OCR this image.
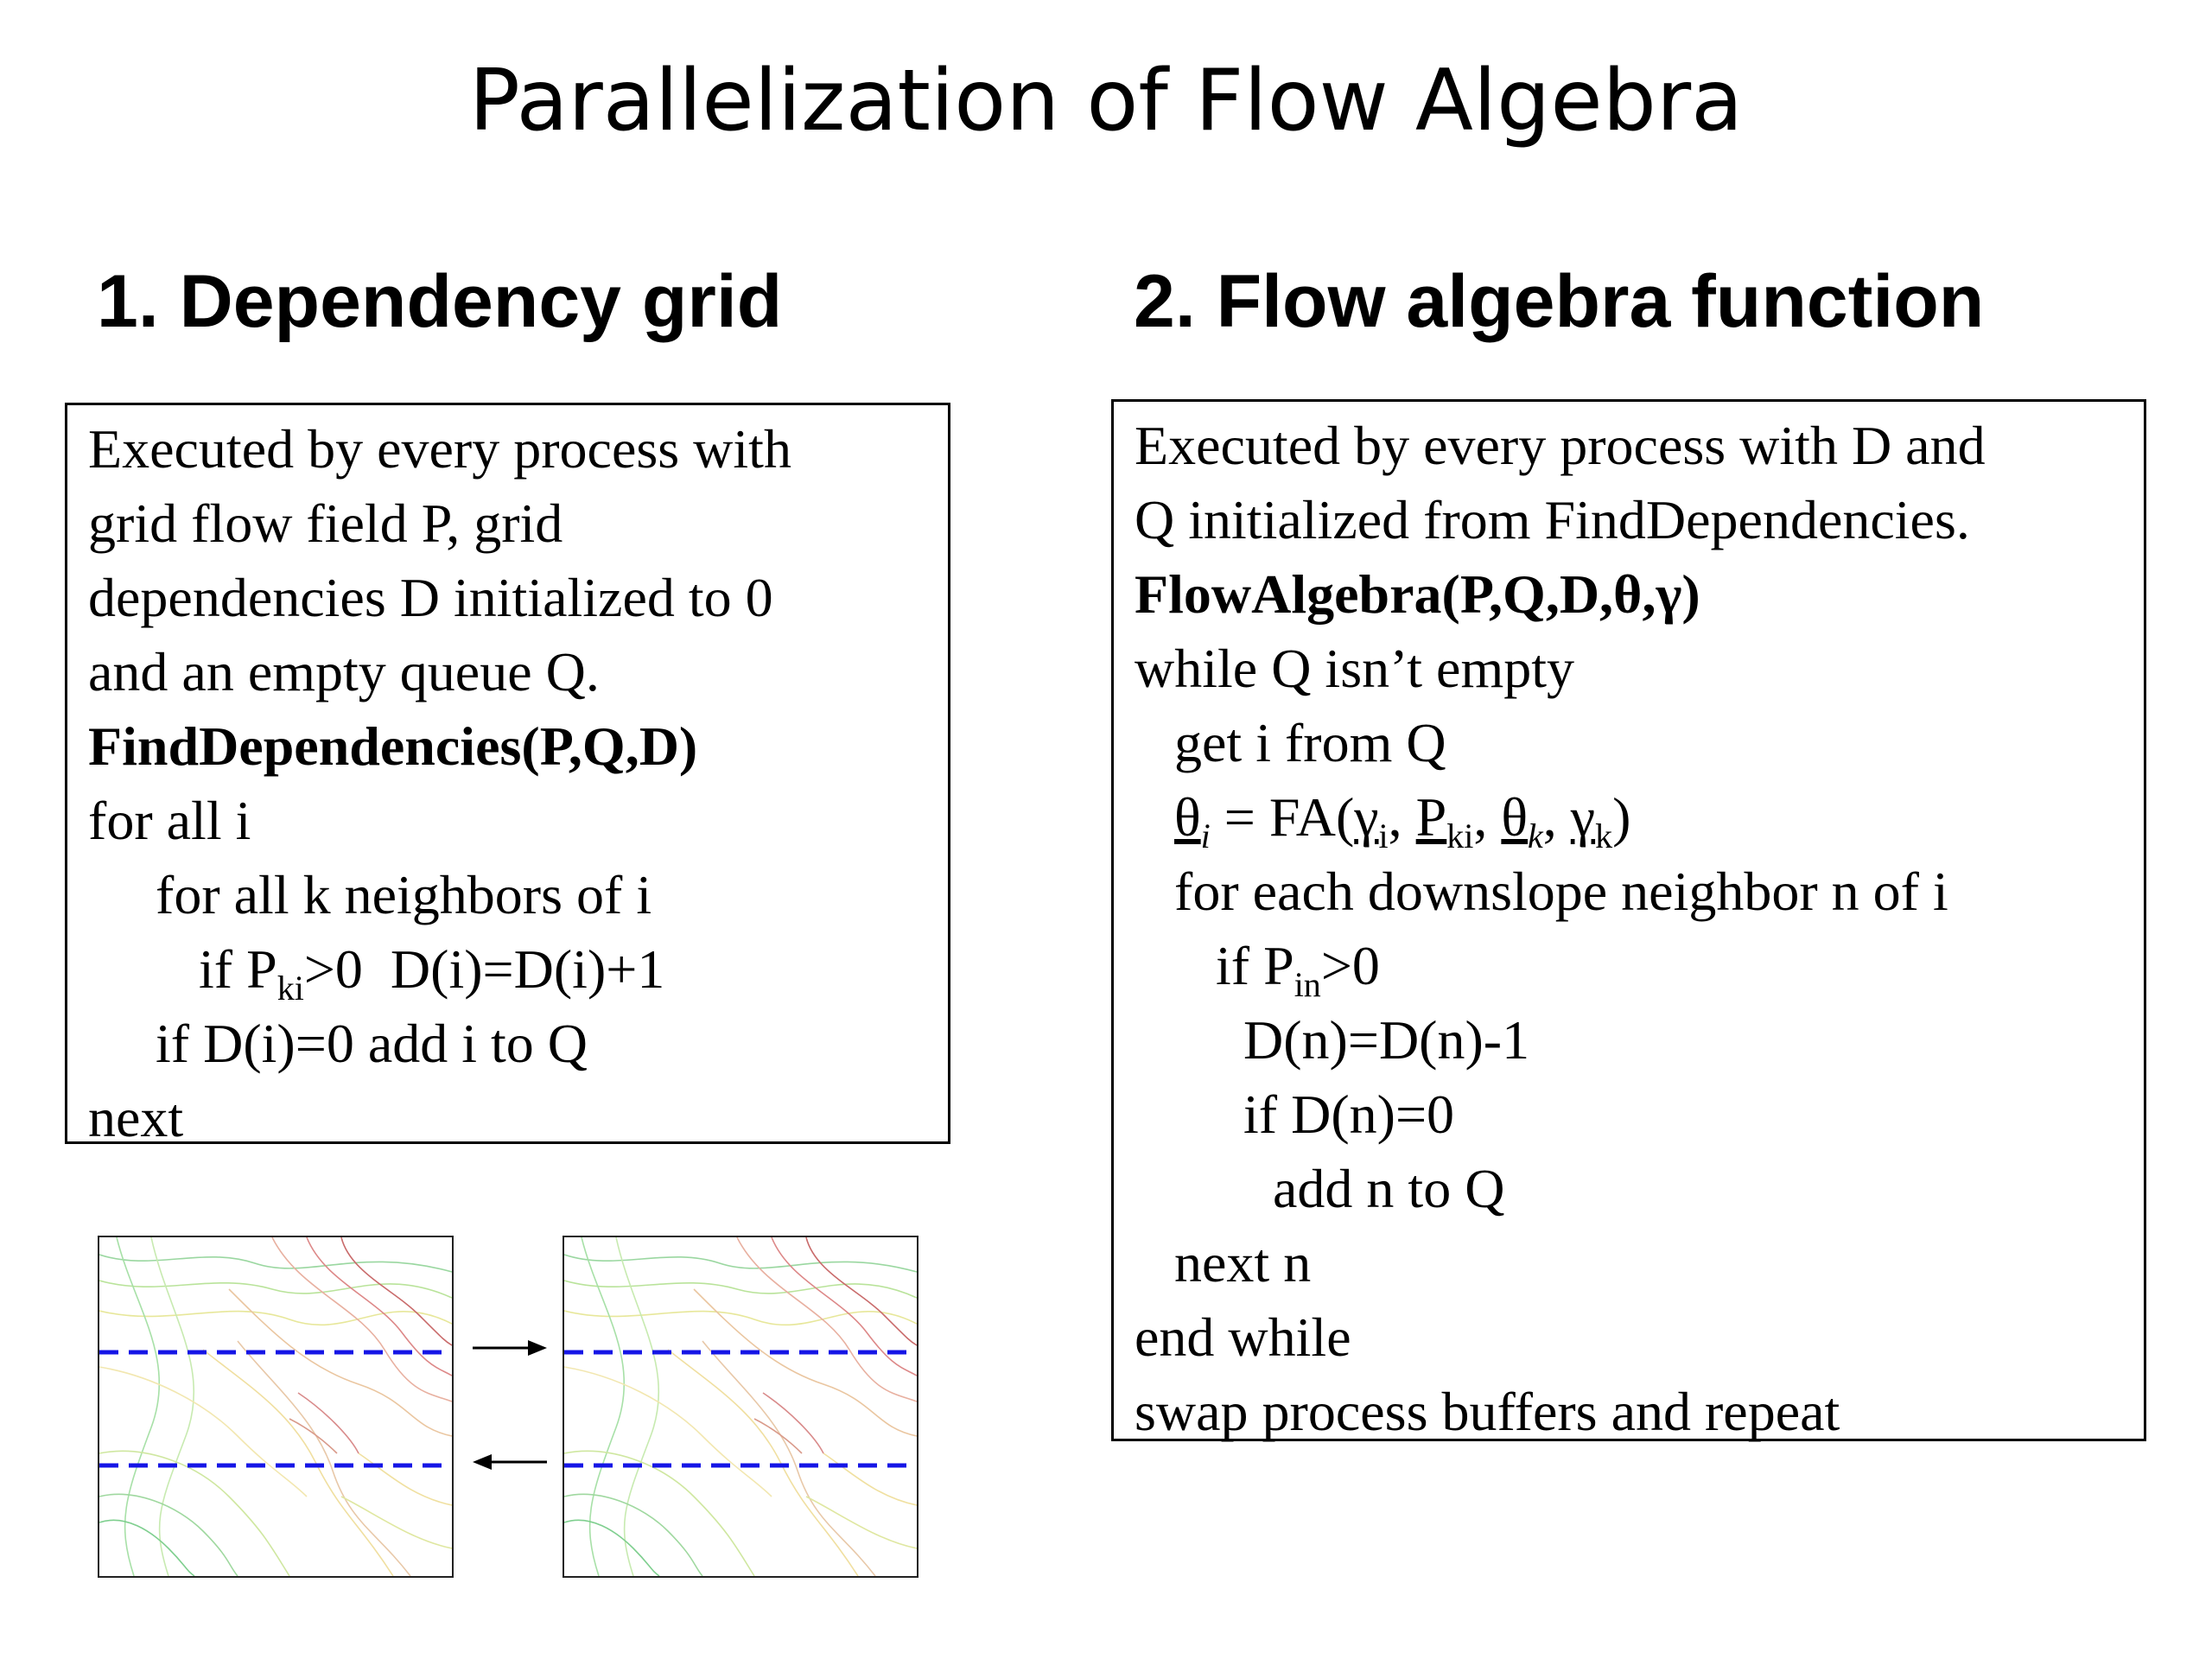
Parallelization of Flow Algebra
1. Dependency grid	2. Flow algebra function
Executed by every process with
grid flow field P, grid
dependencies D initialized to 0
and an empty queue Q.
FindDependencies(P,Q,D)
for all i
for all k neighbors of i
if $P_{ki}>0$  D(i)=D(i)+1
if D(i)=0 add i to Q
next
Executed by every process with D and
Q initialized from FindDependencies.
FlowAlgebra(P,Q,D,θ,γ)
while Q isn’t empty
get i from Q
$\theta_i = FA(\gamma_i$, $P_{ki}$, $\theta_k$, $\gamma_k$)
for each downslope neighbor n of i
if $P_{in}>0$
D(n)=D(n)-1
if D(n)=0
add n to Q
next n
end while
swap process buffers and repeat
